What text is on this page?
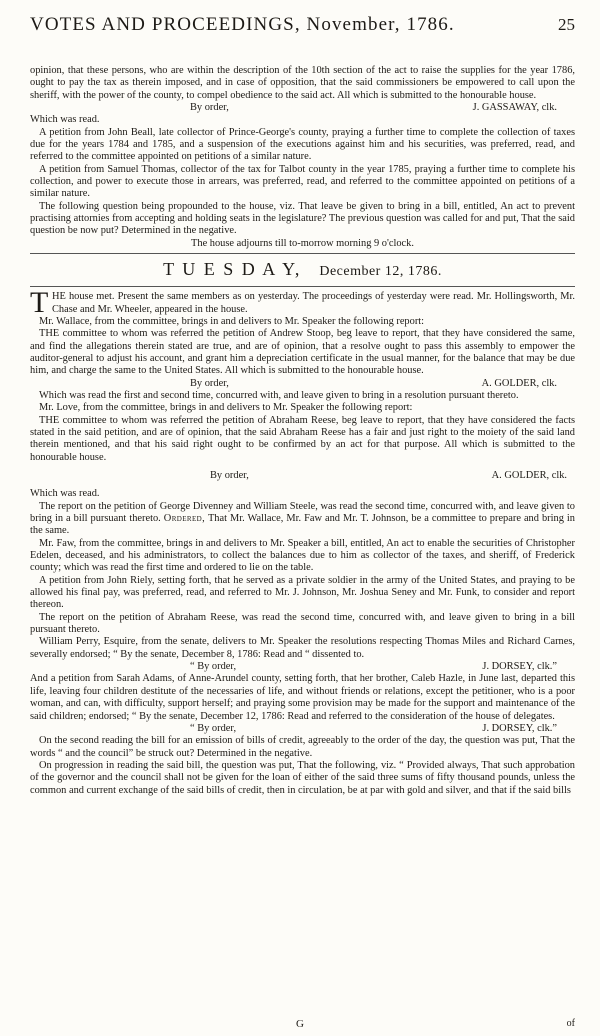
VOTES AND PROCEEDINGS, November, 1786.	25

opinion, that these persons, who are within the description of the 10th section of the act to raise the supplies for the year 1786, ought to pay the tax as therein imposed, and in case of opposition, that the said commissioners be empowered to call upon the sheriff, with the power of the county, to compel obedience to the said act. All which is submitted to the honourable house.

By order,	J. GASSAWAY, clk.

Which was read.

A petition from John Beall, late collector of Prince-George's county, praying a further time to complete the collection of taxes due for the years 1784 and 1785, and a suspension of the executions against him and his securities, was preferred, read, and referred to the committee appointed on petitions of a similar nature.

A petition from Samuel Thomas, collector of the tax for Talbot county in the year 1785, praying a further time to complete his collection, and power to execute those in arrears, was preferred, read, and referred to the committee appointed on petitions of a similar nature.

The following question being propounded to the house, viz. That leave be given to bring in a bill, entitled, An act to prevent practising attornies from accepting and holding seats in the legislature? The previous question was called for and put, That the said question be now put? Determined in the negative.

The house adjourns till to-morrow morning 9 o'clock.

T U E S D A Y, December 12, 1786.

T HE house met. Present the same members as on yesterday. The proceedings of yesterday were read. Mr. Hollingsworth, Mr. Chase and Mr. Wheeler, appeared in the house.

Mr. Wallace, from the committee, brings in and delivers to Mr. Speaker the following report:

THE committee to whom was referred the petition of Andrew Stoop, beg leave to report, that they have considered the same, and find the allegations therein stated are true, and are of opinion, that a resolve ought to pass this assembly to empower the auditor-general to adjust his account, and grant him a depreciation certificate in the usual manner, for the balance that may be due him, and charge the same to the United States. All which is submitted to the honourable house.

By order,	A. GOLDER, clk.

Which was read the first and second time, concurred with, and leave given to bring in a resolution pursuant thereto.

Mr. Love, from the committee, brings in and delivers to Mr. Speaker the following report:

THE committee to whom was referred the petition of Abraham Reese, beg leave to report, that they have considered the facts stated in the said petition, and are of opinion, that the said Abraham Reese has a fair and just right to the moiety of the said land therein mentioned, and that his said right ought to be confirmed by an act for that purpose. All which is submitted to the honourable house.

By order,	A. GOLDER, clk.

Which was read.

The report on the petition of George Divenney and William Steele, was read the second time, concurred with, and leave given to bring in a bill pursuant thereto. Ordered, That Mr. Wallace, Mr. Faw and Mr. T. Johnson, be a committee to prepare and bring in the same.

Mr. Faw, from the committee, brings in and delivers to Mr. Speaker a bill, entitled, An act to enable the securities of Christopher Edelen, deceased, and his administrators, to collect the balances due to him as collector of the taxes, and sheriff, of Frederick county; which was read the first time and ordered to lie on the table.

A petition from John Riely, setting forth, that he served as a private soldier in the army of the United States, and praying to be allowed his final pay, was preferred, read, and referred to Mr. J. Johnson, Mr. Joshua Seney and Mr. Funk, to consider and report thereon.

The report on the petition of Abraham Reese, was read the second time, concurred with, and leave given to bring in a bill pursuant thereto.

William Perry, Esquire, from the senate, delivers to Mr. Speaker the resolutions respecting Thomas Miles and Richard Carnes, severally endorsed; “ By the senate, December 8, 1786: Read and “ dissented to.

“ By order,	J. DORSEY, clk.”

And a petition from Sarah Adams, of Anne-Arundel county, setting forth, that her brother, Caleb Hazle, in June last, departed this life, leaving four children destitute of the necessaries of life, and without friends or relations, except the petitioner, who is a poor woman, and can, with difficulty, support herself; and praying some provision may be made for the support and maintenance of the said children; endorsed; “ By the senate, December 12, 1786: Read and referred to the consideration of the house of delegates.

“ By order,	J. DORSEY, clk.”

On the second reading the bill for an emission of bills of credit, agreeably to the order of the day, the question was put, That the words “ and the council” be struck out? Determined in the negative.

On progression in reading the said bill, the question was put, That the following, viz. “ Provided always, That such approbation of the governor and the council shall not be given for the loan of either of the said three sums of fifty thousand pounds, unless the common and current exchange of the said bills of credit, then in circulation, be at par with gold and silver, and that if the said bills

G	of
